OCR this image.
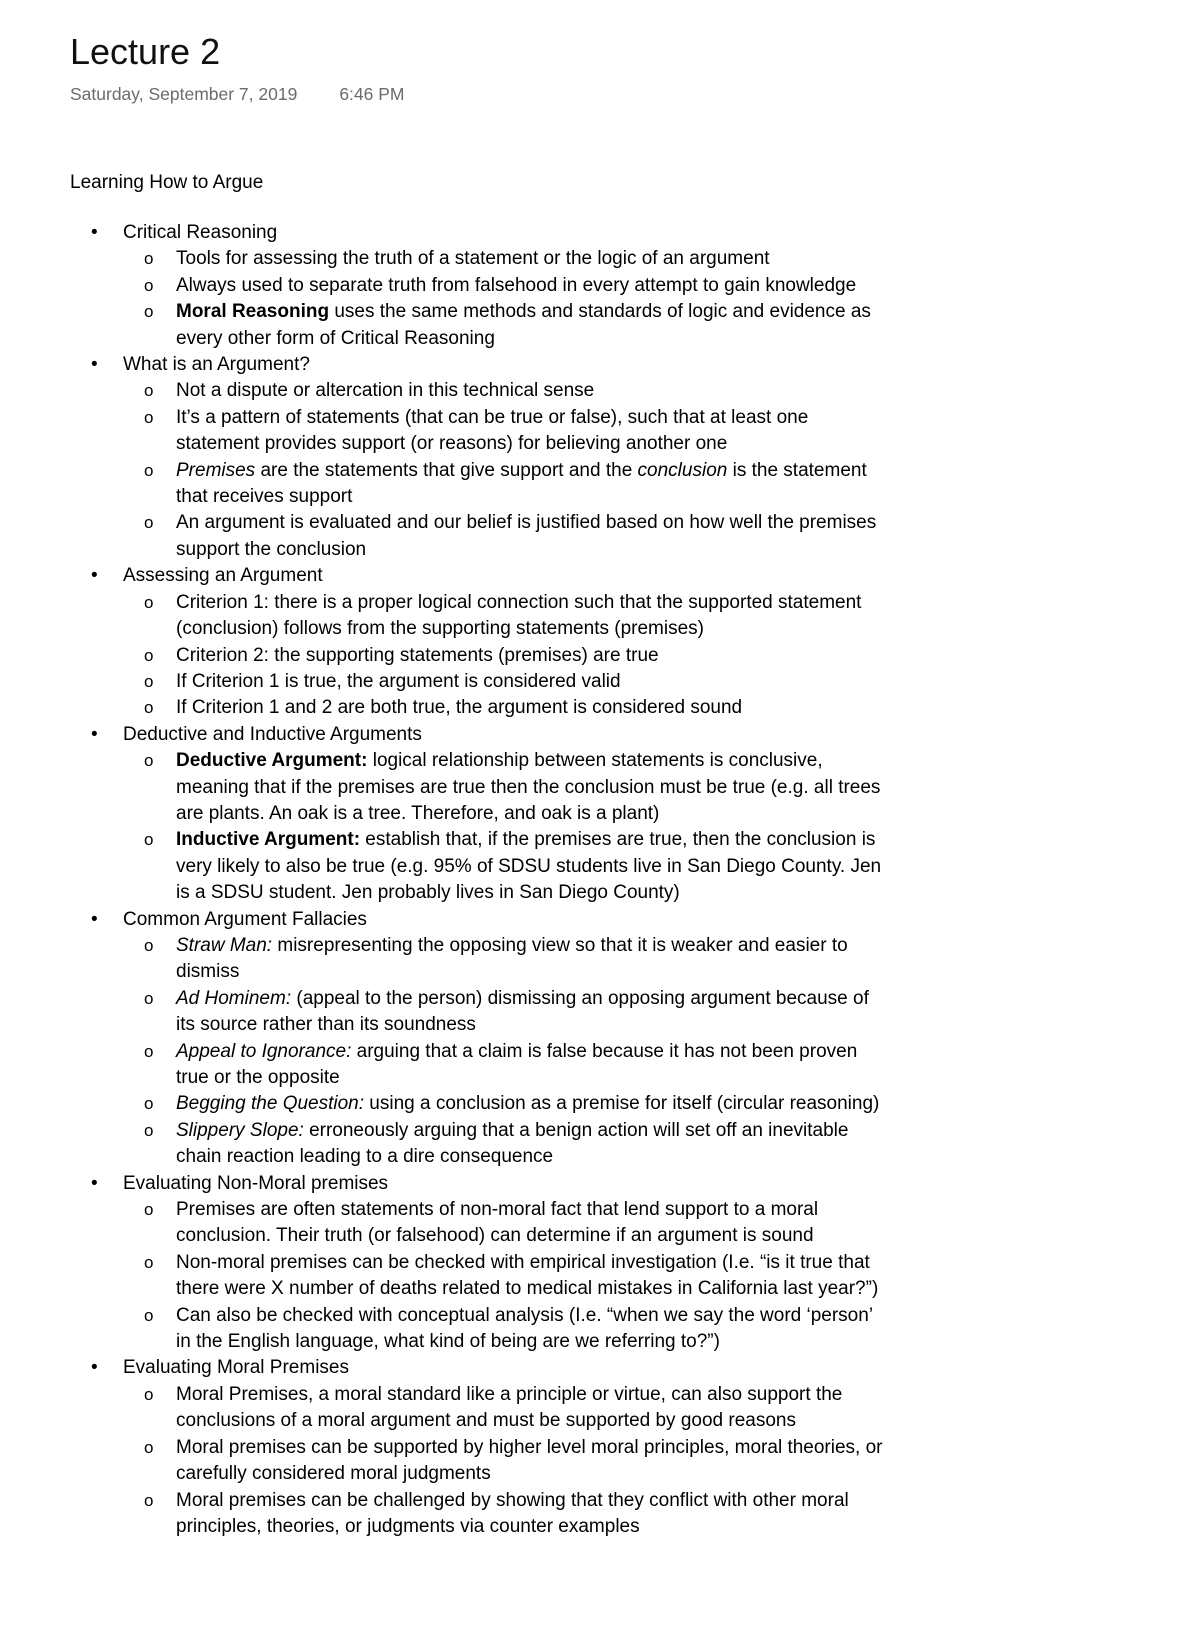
Lecture 2
Saturday, September 7, 2019 6:46 PM
Learning How to Argue
• Critical Reasoning
o Tools for assessing the truth of a statement or the logic of an argument
o Always used to separate truth from falsehood in every attempt to gain knowledge
o Moral Reasoning uses the same methods and standards of logic and evidence as every other form of Critical Reasoning
• What is an Argument?
o Not a dispute or altercation in this technical sense
o It’s a pattern of statements (that can be true or false), such that at least one statement provides support (or reasons) for believing another one
o Premises are the statements that give support and the conclusion is the statement that receives support
o An argument is evaluated and our belief is justified based on how well the premises support the conclusion
• Assessing an Argument
o Criterion 1: there is a proper logical connection such that the supported statement (conclusion) follows from the supporting statements (premises)
o Criterion 2: the supporting statements (premises) are true
o If Criterion 1 is true, the argument is considered valid
o If Criterion 1 and 2 are both true, the argument is considered sound
• Deductive and Inductive Arguments
o Deductive Argument: logical relationship between statements is conclusive, meaning that if the premises are true then the conclusion must be true (e.g. all trees are plants. An oak is a tree. Therefore, and oak is a plant)
o Inductive Argument: establish that, if the premises are true, then the conclusion is very likely to also be true (e.g. 95% of SDSU students live in San Diego County. Jen is a SDSU student. Jen probably lives in San Diego County)
• Common Argument Fallacies
o Straw Man: misrepresenting the opposing view so that it is weaker and easier to dismiss
o Ad Hominem: (appeal to the person) dismissing an opposing argument because of its source rather than its soundness
o Appeal to Ignorance: arguing that a claim is false because it has not been proven true or the opposite
o Begging the Question: using a conclusion as a premise for itself (circular reasoning)
o Slippery Slope: erroneously arguing that a benign action will set off an inevitable chain reaction leading to a dire consequence
• Evaluating Non-Moral premises
o Premises are often statements of non-moral fact that lend support to a moral conclusion. Their truth (or falsehood) can determine if an argument is sound
o Non-moral premises can be checked with empirical investigation (I.e. “is it true that there were X number of deaths related to medical mistakes in California last year?”)
o Can also be checked with conceptual analysis (I.e. “when we say the word ‘person’ in the English language, what kind of being are we referring to?”)
• Evaluating Moral Premises
o Moral Premises, a moral standard like a principle or virtue, can also support the conclusions of a moral argument and must be supported by good reasons
o Moral premises can be supported by higher level moral principles, moral theories, or carefully considered moral judgments
o Moral premises can be challenged by showing that they conflict with other moral principles, theories, or judgments via counter examples
